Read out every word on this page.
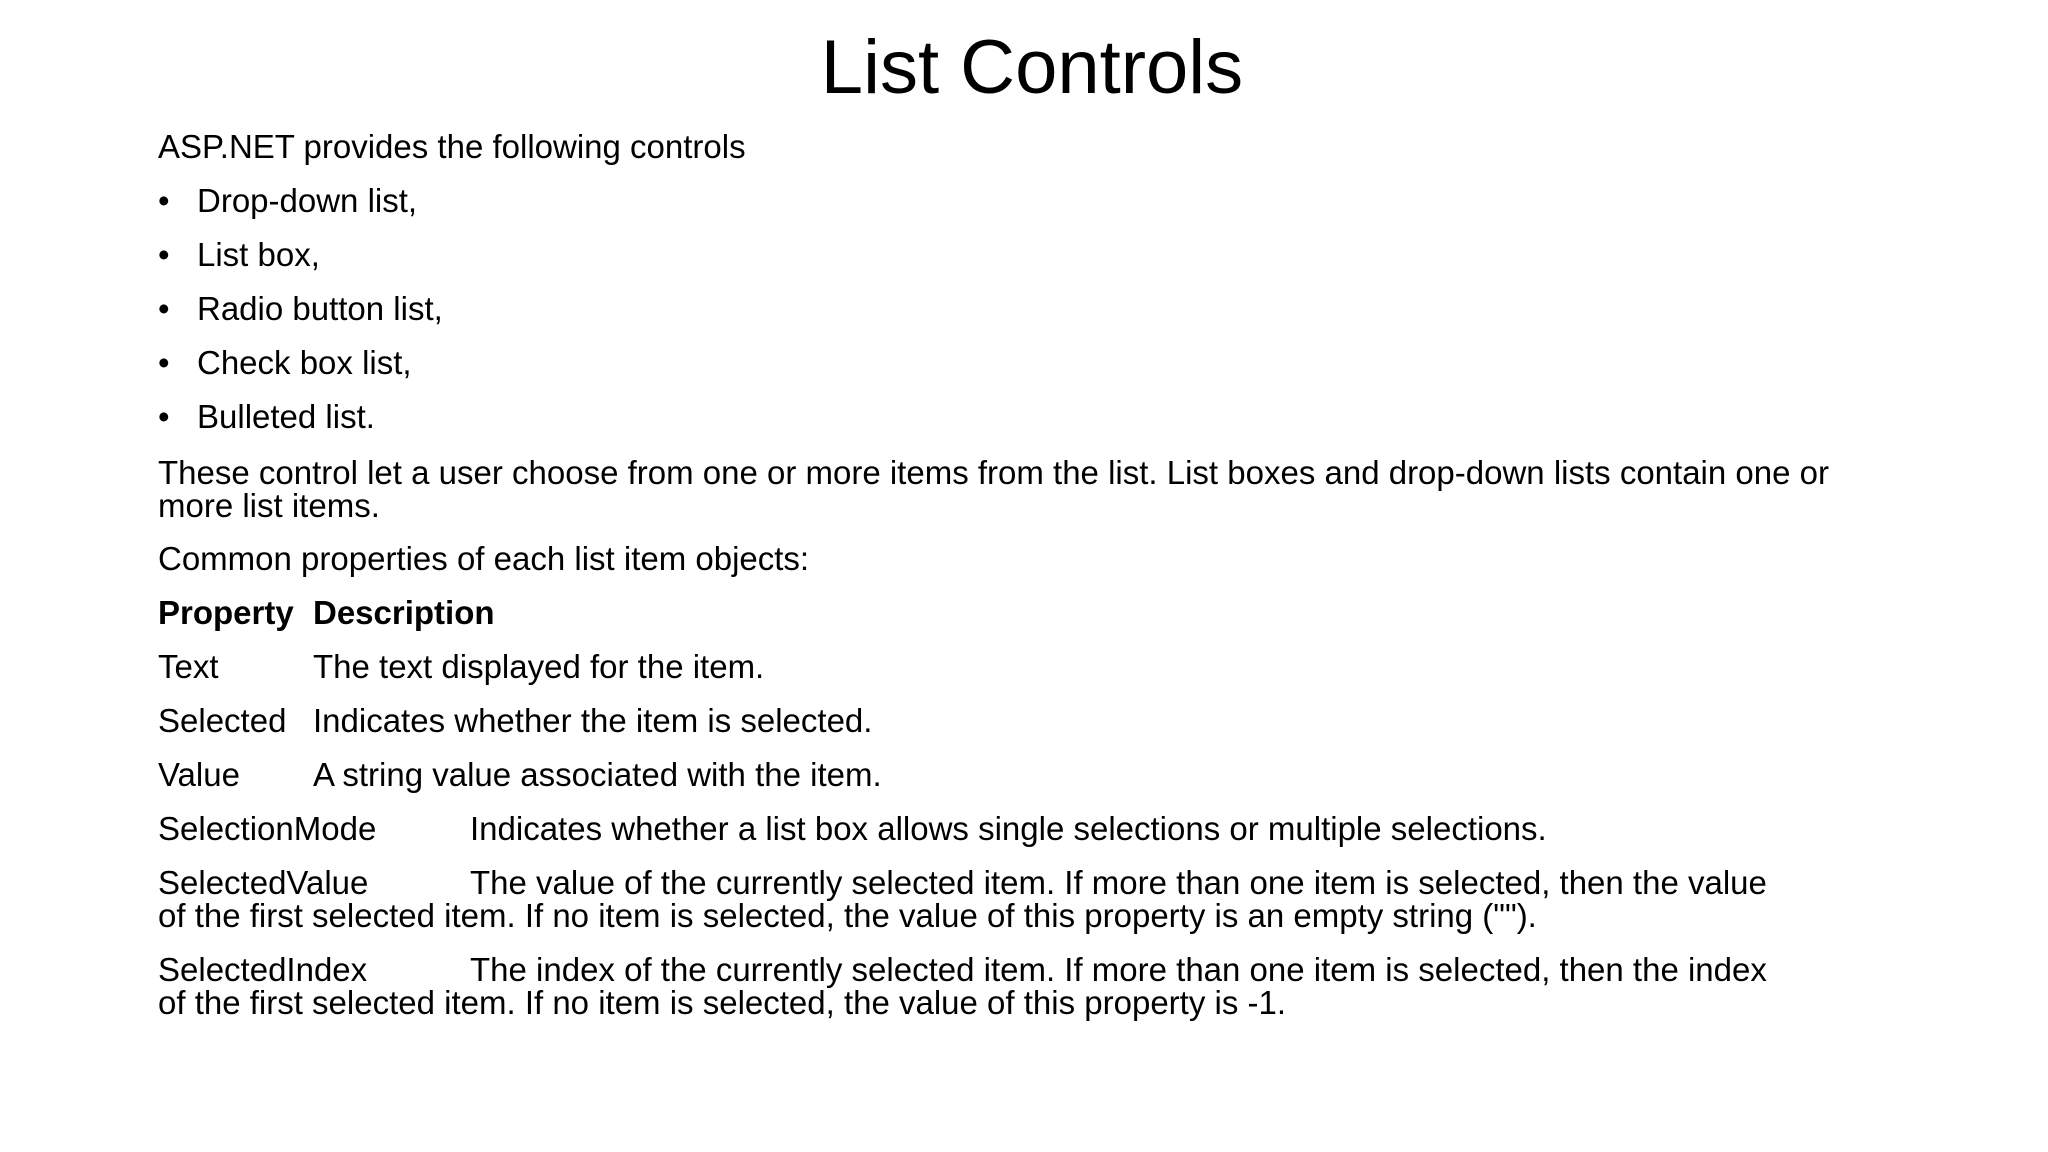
List Controls
ASP.NET provides the following controls
• Drop-down list,
• List box,
• Radio button list,
• Check box list,
• Bulleted list.
These control let a user choose from one or more items from the list. List boxes and drop-down lists contain one or more list items.
Common properties of each list item objects:
Property Description
Text	The text displayed for the item.
Selected Indicates whether the item is selected.
Value A string value associated with the item.
SelectionMode	Indicates whether a list box allows single selections or multiple selections.
SelectedValue	The value of the currently selected item. If more than one item is selected, then the value
of the first selected item. If no item is selected, the value of this property is an empty string ("").
SelectedIndex	The index of the currently selected item. If more than one item is selected, then the index
of the first selected item. If no item is selected, the value of this property is -1.
